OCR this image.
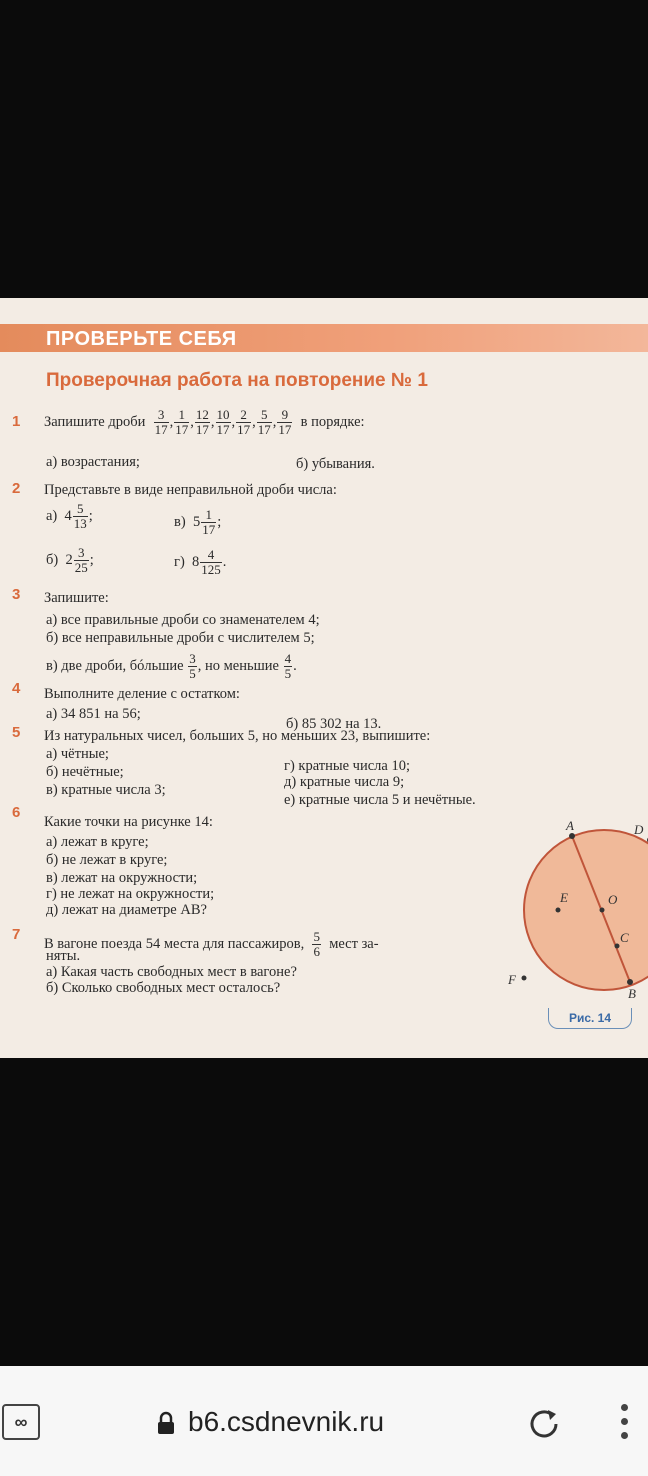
ПРОВЕРЬТЕ СЕБЯ
Проверочная работа на повторение № 1
1 Запишите дроби
$\frac{3}{17}$ , $\frac{1}{17}$ , $\frac{12}{17}$ , $\frac{10}{17}$ , $\frac{2}{17}$ , $\frac{5}{17}$ , $\frac{9}{17}$
в порядке:
а) возрастания;	б) убывания.
2 Представьте в виде неправильной дроби числа:
а)
$4 \frac{5}{13}$ ;	в)
$5 \frac{1}{17}$ ;
б)
$2 \frac{3}{25}$ ;	г)
$8 \frac{4}{125}$ .
3 Запишите:
а) все правильные дроби со знаменателем 4;
б) все неправильные дроби с числителем 5;
в) две дроби, бóльшие
$\frac{3}{5}$ , но меньшие
$\frac{4}{5}$ .
4 Выполните деление с остатком:
а) 34 851 на 56;
б) 85 302 на 13.
5 Из натуральных чисел, больших 5, но меньших 23, выпишите:
а) чётные;
б) нечётные;
в) кратные числа 3;
г) кратные числа 10;
д) кратные числа 9;
е) кратные числа 5 и нечётные.
6
Какие точки на рисунке 14:
а) лежат в круге;
б) не лежат в круге;
в) лежат на окружности;
г) не лежат на окружности;
д) лежат на диаметре AB?
7
В вагоне поезда 54 места для пассажиров,
$\frac{5}{6}$
мест за-
няты.
а) Какая часть свободных мест в вагоне?
б) Сколько свободных мест осталось?
A	D
E	O
C
F
B
Рис. 14
∞	b6.csdnevnik.ru
